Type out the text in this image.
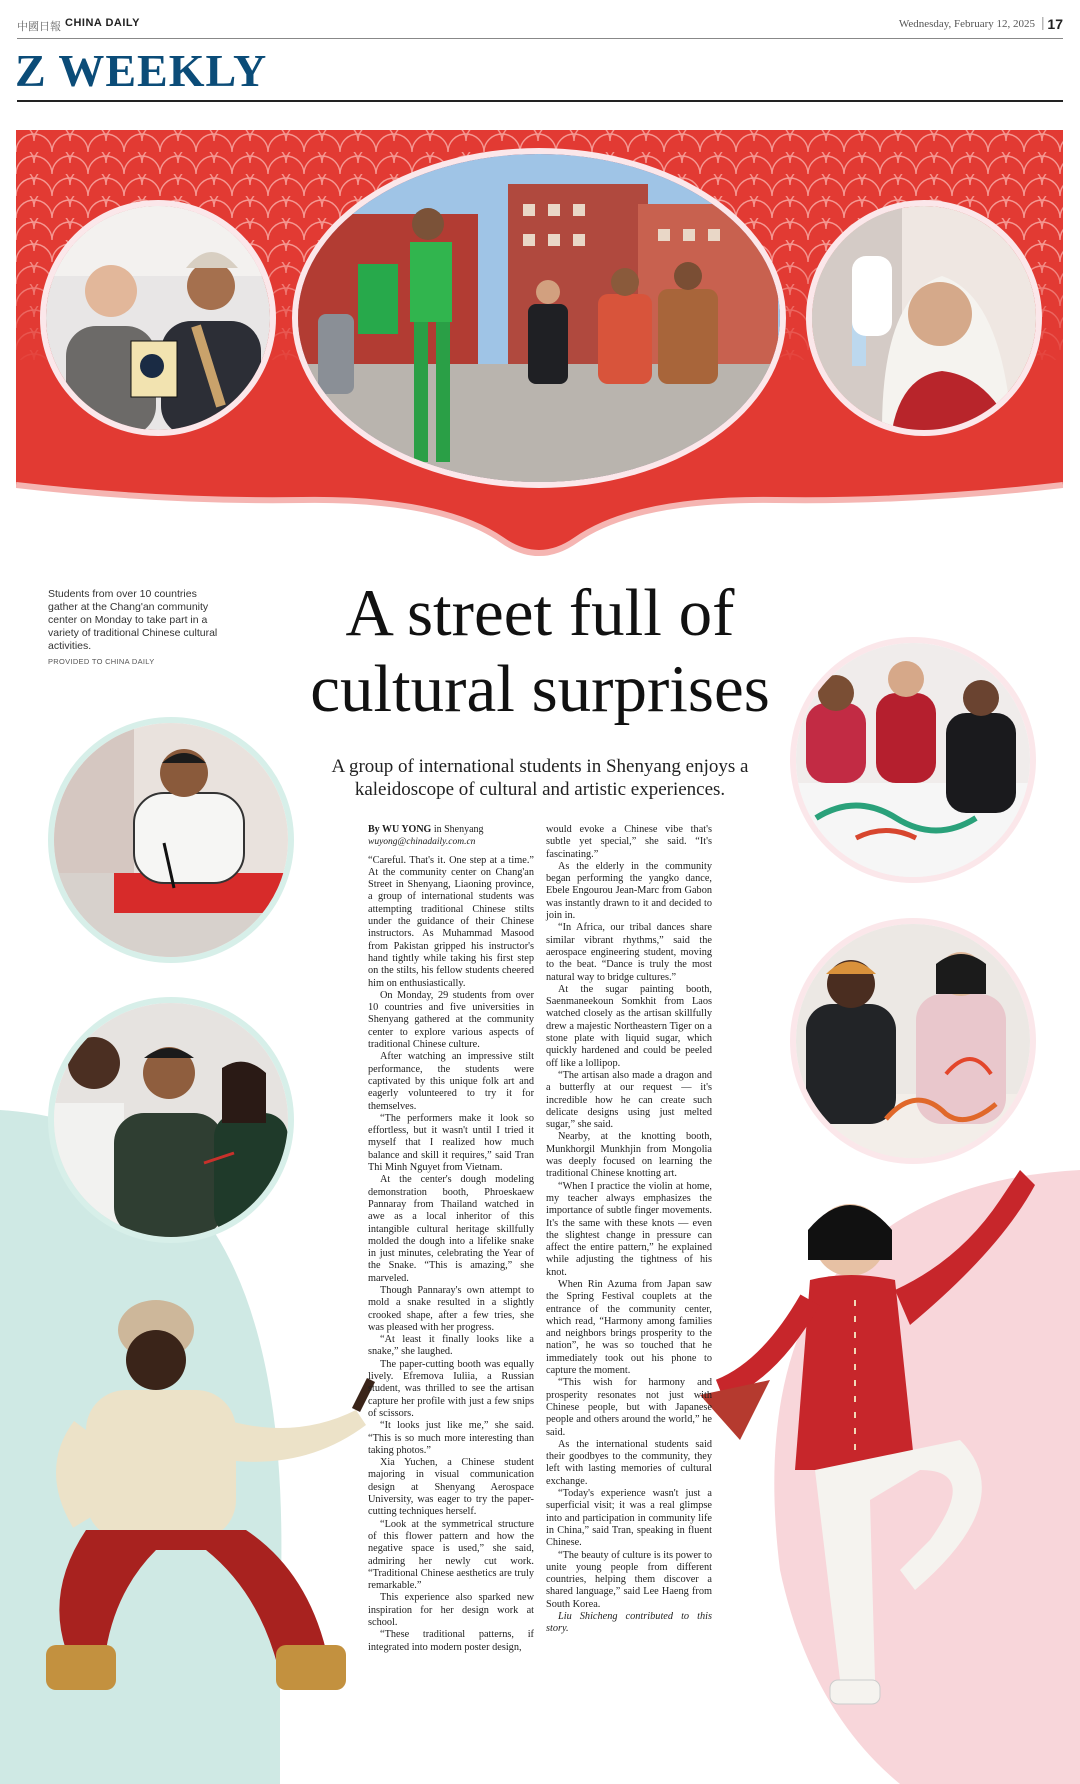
中國日報 CHINA DAILY	Wednesday, February 12, 2025 | 17
Z WEEKLY
Students from over 10 countries gather at the Chang'an community center on Monday to take part in a variety of traditional Chinese cultural activities.
PROVIDED TO CHINA DAILY
A street full of
cultural surprises
A group of international students in Shenyang enjoys a kaleidoscope of cultural and artistic experiences.
By WU YONG in Shenyang
wuyong@chinadaily.com.cn

“Careful. That's it. One step at a time.” At the community center on Chang'an Street in Shenyang, Liaoning province, a group of international students was attempting traditional Chinese stilts under the guidance of their Chinese instructors. As Muhammad Masood from Pakistan gripped his instructor's hand tightly while taking his first step on the stilts, his fellow students cheered him on enthusiastically.

On Monday, 29 students from over 10 countries and five universities in Shenyang gathered at the community center to explore various aspects of traditional Chinese culture.

After watching an impressive stilt performance, the students were captivated by this unique folk art and eagerly volunteered to try it for themselves.

“The performers make it look so effortless, but it wasn't until I tried it myself that I realized how much balance and skill it requires,” said Tran Thi Minh Nguyet from Vietnam.

At the center's dough modeling demonstration booth, Phroeskaew Pannaray from Thailand watched in awe as a local inheritor of this intangible cultural heritage skillfully molded the dough into a lifelike snake in just minutes, celebrating the Year of the Snake. “This is amazing,” she marveled.

Though Pannaray's own attempt to mold a snake resulted in a slightly crooked shape, after a few tries, she was pleased with her progress.

“At least it finally looks like a snake,” she laughed.

The paper-cutting booth was equally lively. Efremova Iuliia, a Russian student, was thrilled to see the artisan capture her profile with just a few snips of scissors.

“It looks just like me,” she said. “This is so much more interesting than taking photos.”

Xia Yuchen, a Chinese student majoring in visual communication design at Shenyang Aerospace University, was eager to try the paper-cutting techniques herself.

“Look at the symmetrical structure of this flower pattern and how the negative space is used,” she said, admiring her newly cut work. “Traditional Chinese aesthetics are truly remarkable.”

This experience also sparked new inspiration for her design work at school.

“These traditional patterns, if integrated into modern poster design,

would evoke a Chinese vibe that's subtle yet special,” she said. “It's fascinating.”

As the elderly in the community began performing the yangko dance, Ebele Engourou Jean-Marc from Gabon was instantly drawn to it and decided to join in.

“In Africa, our tribal dances share similar vibrant rhythms,” said the aerospace engineering student, moving to the beat. “Dance is truly the most natural way to bridge cultures.”

At the sugar painting booth, Saenmaneekoun Somkhit from Laos watched closely as the artisan skillfully drew a majestic Northeastern Tiger on a stone plate with liquid sugar, which quickly hardened and could be peeled off like a lollipop.

“The artisan also made a dragon and a butterfly at our request — it's incredible how he can create such delicate designs using just melted sugar,” she said.

Nearby, at the knotting booth, Munkhorgil Munkhjin from Mongolia was deeply focused on learning the traditional Chinese knotting art.

“When I practice the violin at home, my teacher always emphasizes the importance of subtle finger movements. It's the same with these knots — even the slightest change in pressure can affect the entire pattern,” he explained while adjusting the tightness of his knot.

When Rin Azuma from Japan saw the Spring Festival couplets at the entrance of the community center, which read, “Harmony among families and neighbors brings prosperity to the nation”, he was so touched that he immediately took out his phone to capture the moment.

“This wish for harmony and prosperity resonates not just with Chinese people, but with Japanese people and others around the world,” he said.

As the international students said their goodbyes to the community, they left with lasting memories of cultural exchange.

“Today's experience wasn't just a superficial visit; it was a real glimpse into and participation in community life in China,” said Tran, speaking in fluent Chinese.

“The beauty of culture is its power to unite young people from different countries, helping them discover a shared language,” said Lee Haeng from South Korea.

Liu Shicheng contributed to this story.
